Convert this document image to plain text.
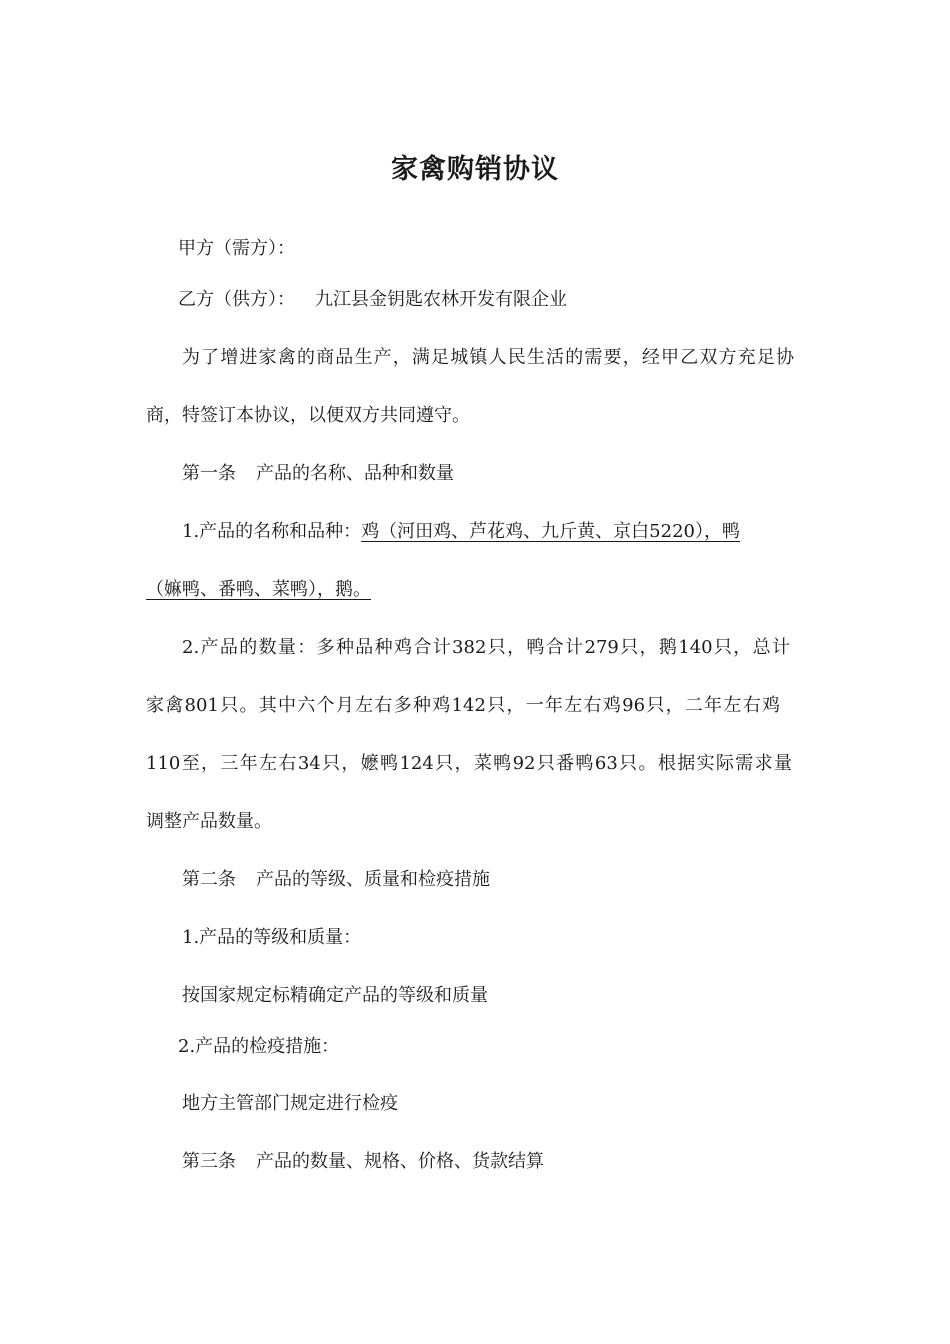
家禽购销协议
甲方（需方）：
乙方（供方）： 九江县金钥匙农林开发有限企业
为了增进家禽的商品生产，满足城镇人民生活的需要，经甲乙双方充足协
商，特签订本协议，以便双方共同遵守。
第一条 产品的名称、品种和数量
1.产品的名称和品种：鸡（河田鸡、芦花鸡、九斤黄、京白5220），鸭
（嫲鸭、番鸭、菜鸭），鹅。
2.产品的数量：多种品种鸡合计382只，鸭合计279只，鹅140只，总计
家禽801只。其中六个月左右多种鸡142只，一年左右鸡96只，二年左右鸡
110至，三年左右34只，嬷鸭124只，菜鸭92只番鸭63只。根据实际需求量
调整产品数量。
第二条 产品的等级、质量和检疫措施
1.产品的等级和质量：
按国家规定标精确定产品的等级和质量
2.产品的检疫措施：
地方主管部门规定进行检疫
第三条 产品的数量、规格、价格、货款结算
